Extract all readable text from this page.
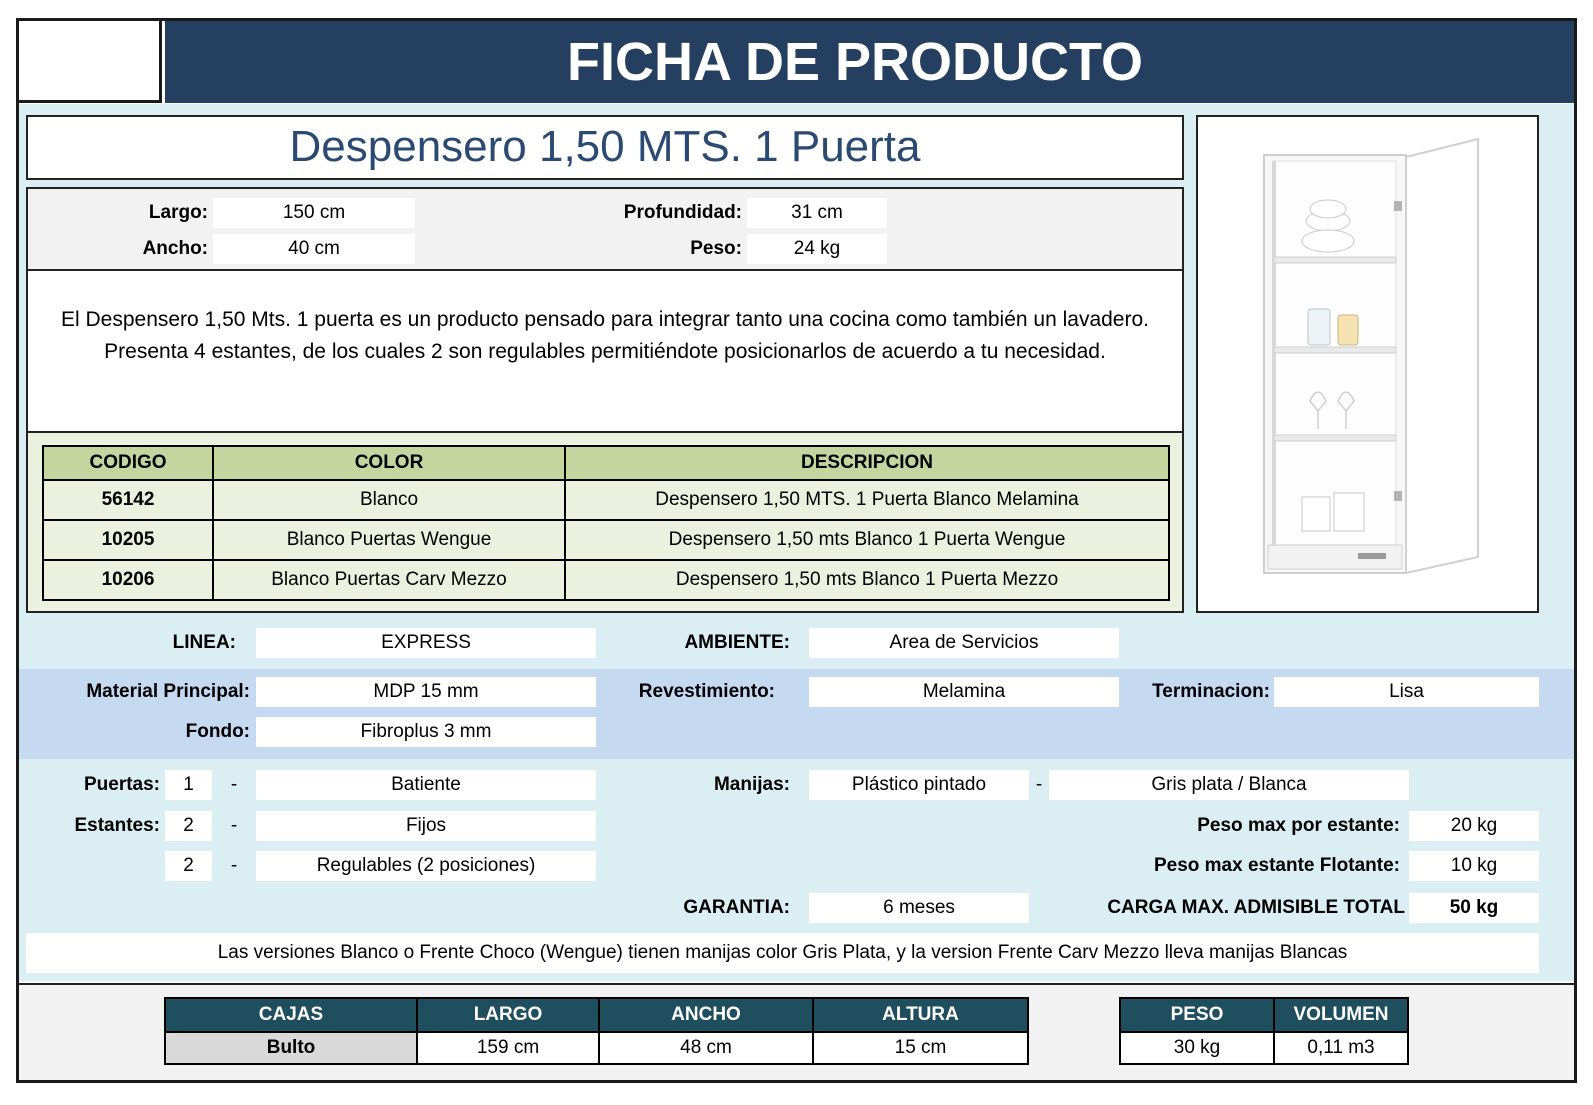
FICHA DE PRODUCTO
Despensero 1,50 MTS. 1 Puerta
Largo:	150 cm
Ancho:	40 cm
Profundidad:	31 cm
Peso:	24 kg
El Despensero 1,50 Mts. 1 puerta es un producto pensado para integrar tanto una cocina como también un lavadero. Presenta 4 estantes, de los cuales 2 son regulables permitiéndote posicionarlos de acuerdo a tu necesidad.
CODIGO	COLOR	DESCRIPCION
56142	Blanco	Despensero 1,50 MTS. 1 Puerta Blanco Melamina
10205	Blanco Puertas Wengue	Despensero 1,50 mts Blanco 1 Puerta Wengue
10206	Blanco Puertas Carv Mezzo	Despensero 1,50 mts Blanco 1 Puerta Mezzo
LINEA:	EXPRESS	AMBIENTE:	Area de Servicios
Material Principal:	MDP 15 mm	Revestimiento:	Melamina	Terminacion:	Lisa
Fondo:	Fibroplus 3 mm
Puertas:	1	-	Batiente	Manijas:	Plástico pintado	-	Gris plata / Blanca
Estantes:	2	-	Fijos
2	-	Regulables (2 posiciones)
Peso max por estante:	20 kg
Peso max estante Flotante:	10 kg
GARANTIA:	6 meses	CARGA MAX. ADMISIBLE TOTAL	50 kg
Las versiones Blanco o Frente Choco (Wengue) tienen manijas color Gris Plata, y la version Frente Carv Mezzo lleva manijas Blancas
CAJAS	LARGO	ANCHO	ALTURA
Bulto	159 cm	48 cm	15 cm
PESO	VOLUMEN
30 kg	0,11 m3
